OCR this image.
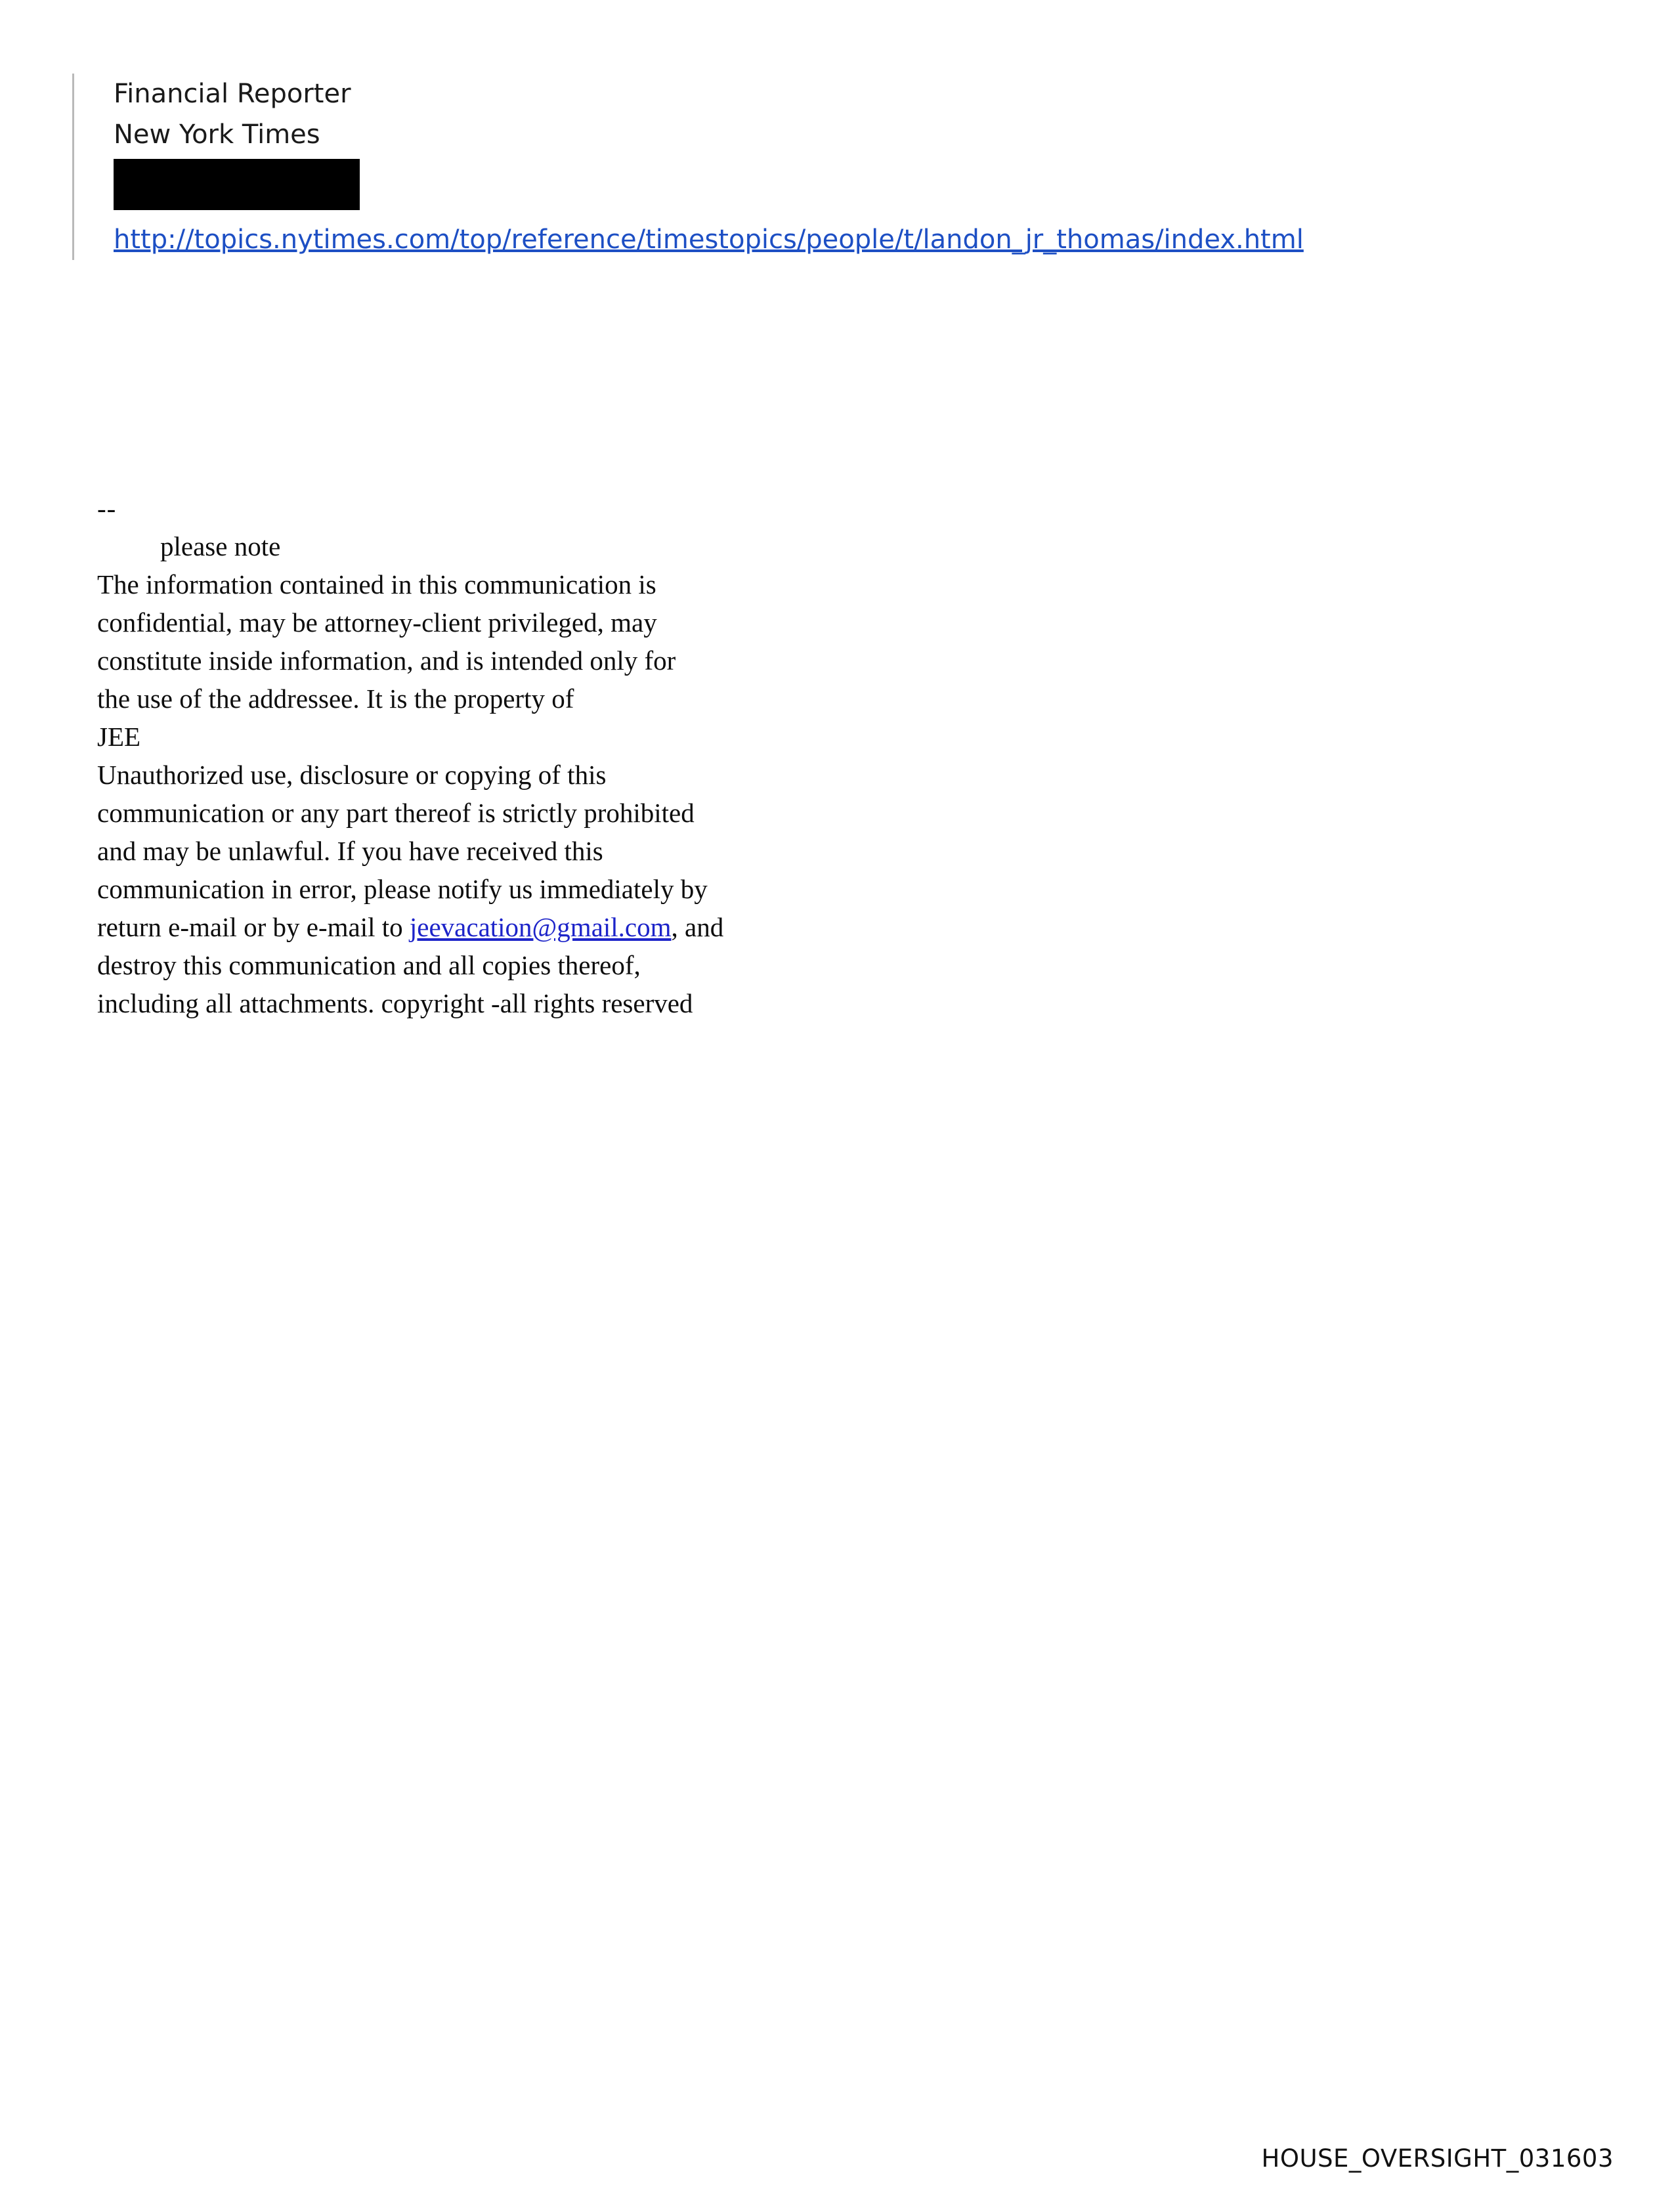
Financial Reporter
New York Times
http://topics.nytimes.com/top/reference/timestopics/people/t/landon_jr_thomas/index.html
--
please note
The information contained in this communication is
confidential, may be attorney-client privileged, may
constitute inside information, and is intended only for
the use of the addressee. It is the property of
JEE
Unauthorized use, disclosure or copying of this
communication or any part thereof is strictly prohibited
and may be unlawful. If you have received this
communication in error, please notify us immediately by
return e-mail or by e-mail to jeevacation@gmail.com, and
destroy this communication and all copies thereof,
including all attachments. copyright -all rights reserved
HOUSE_OVERSIGHT_031603
